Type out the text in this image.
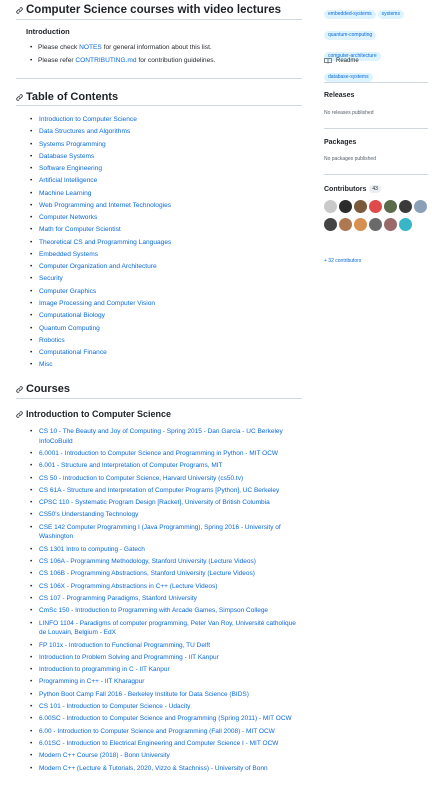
Computer Science courses with video lectures
Introduction
• Please check NOTES for general information about this list.
• Please refer CONTRIBUTING.md for contribution guidelines.
Table of Contents
• Introduction to Computer Science
• Data Structures and Algorithms
• Systems Programming
• Database Systems
• Software Engineering
• Artificial Intelligence
• Machine Learning
• Web Programming and Internet Technologies
• Computer Networks
• Math for Computer Scientist
• Theoretical CS and Programming Languages
• Embedded Systems
• Computer Organization and Architecture
• Security
• Computer Graphics
• Image Processing and Computer Vision
• Computational Biology
• Quantum Computing
• Robotics
• Computational Finance
• Misc
Courses
Introduction to Computer Science
• CS 10 - The Beauty and Joy of Computing - Spring 2015 - Dan Garcia - UC Berkeley InfoCoBuild
• 6.0001 - Introduction to Computer Science and Programming in Python - MIT OCW
• 6.001 - Structure and Interpretation of Computer Programs, MIT
• CS 50 - Introduction to Computer Science, Harvard University (cs50.tv)
• CS 61A - Structure and Interpretation of Computer Programs [Python], UC Berkeley
• CPSC 110 - Systematic Program Design [Racket], University of British Columbia
• CS50's Understanding Technology
• CSE 142 Computer Programming I (Java Programming), Spring 2016 - University of Washington
• CS 1301 Intro to computing - Gatech
• CS 106A - Programming Methodology, Stanford University (Lecture Videos)
• CS 106B - Programming Abstractions, Stanford University (Lecture Videos)
• CS 106X - Programming Abstractions in C++ (Lecture Videos)
• CS 107 - Programming Paradigms, Stanford University
• CmSc 150 - Introduction to Programming with Arcade Games, Simpson College
• LINFO 1104 - Paradigms of computer programming, Peter Van Roy, Université catholique de Louvain, Belgium - EdX
• FP 101x - Introduction to Functional Programming, TU Delft
• Introduction to Problem Solving and Programming - IIT Kanpur
• Introduction to programming in C - IIT Kanpur
• Programming in C++ - IIT Kharagpur
• Python Boot Camp Fall 2016 - Berkeley Institute for Data Science (BIDS)
• CS 101 - Introduction to Computer Science - Udacity
• 6.00SC - Introduction to Computer Science and Programming (Spring 2011) - MIT OCW
• 6.00 - Introduction to Computer Science and Programming (Fall 2008) - MIT OCW
• 6.01SC - Introduction to Electrical Engineering and Computer Science I - MIT OCW
• Modern C++ Course (2018) - Bonn University
• Modern C++ (Lecture & Tutorials, 2020, Vizzo & Stachniss) - University of Bonn
embedded-systems systemsquantum-computingcomputer-architecturedatabase-systems
Readme
Releases
No releases published
Packages
No packages published
Contributors	43
+ 32 contributors
